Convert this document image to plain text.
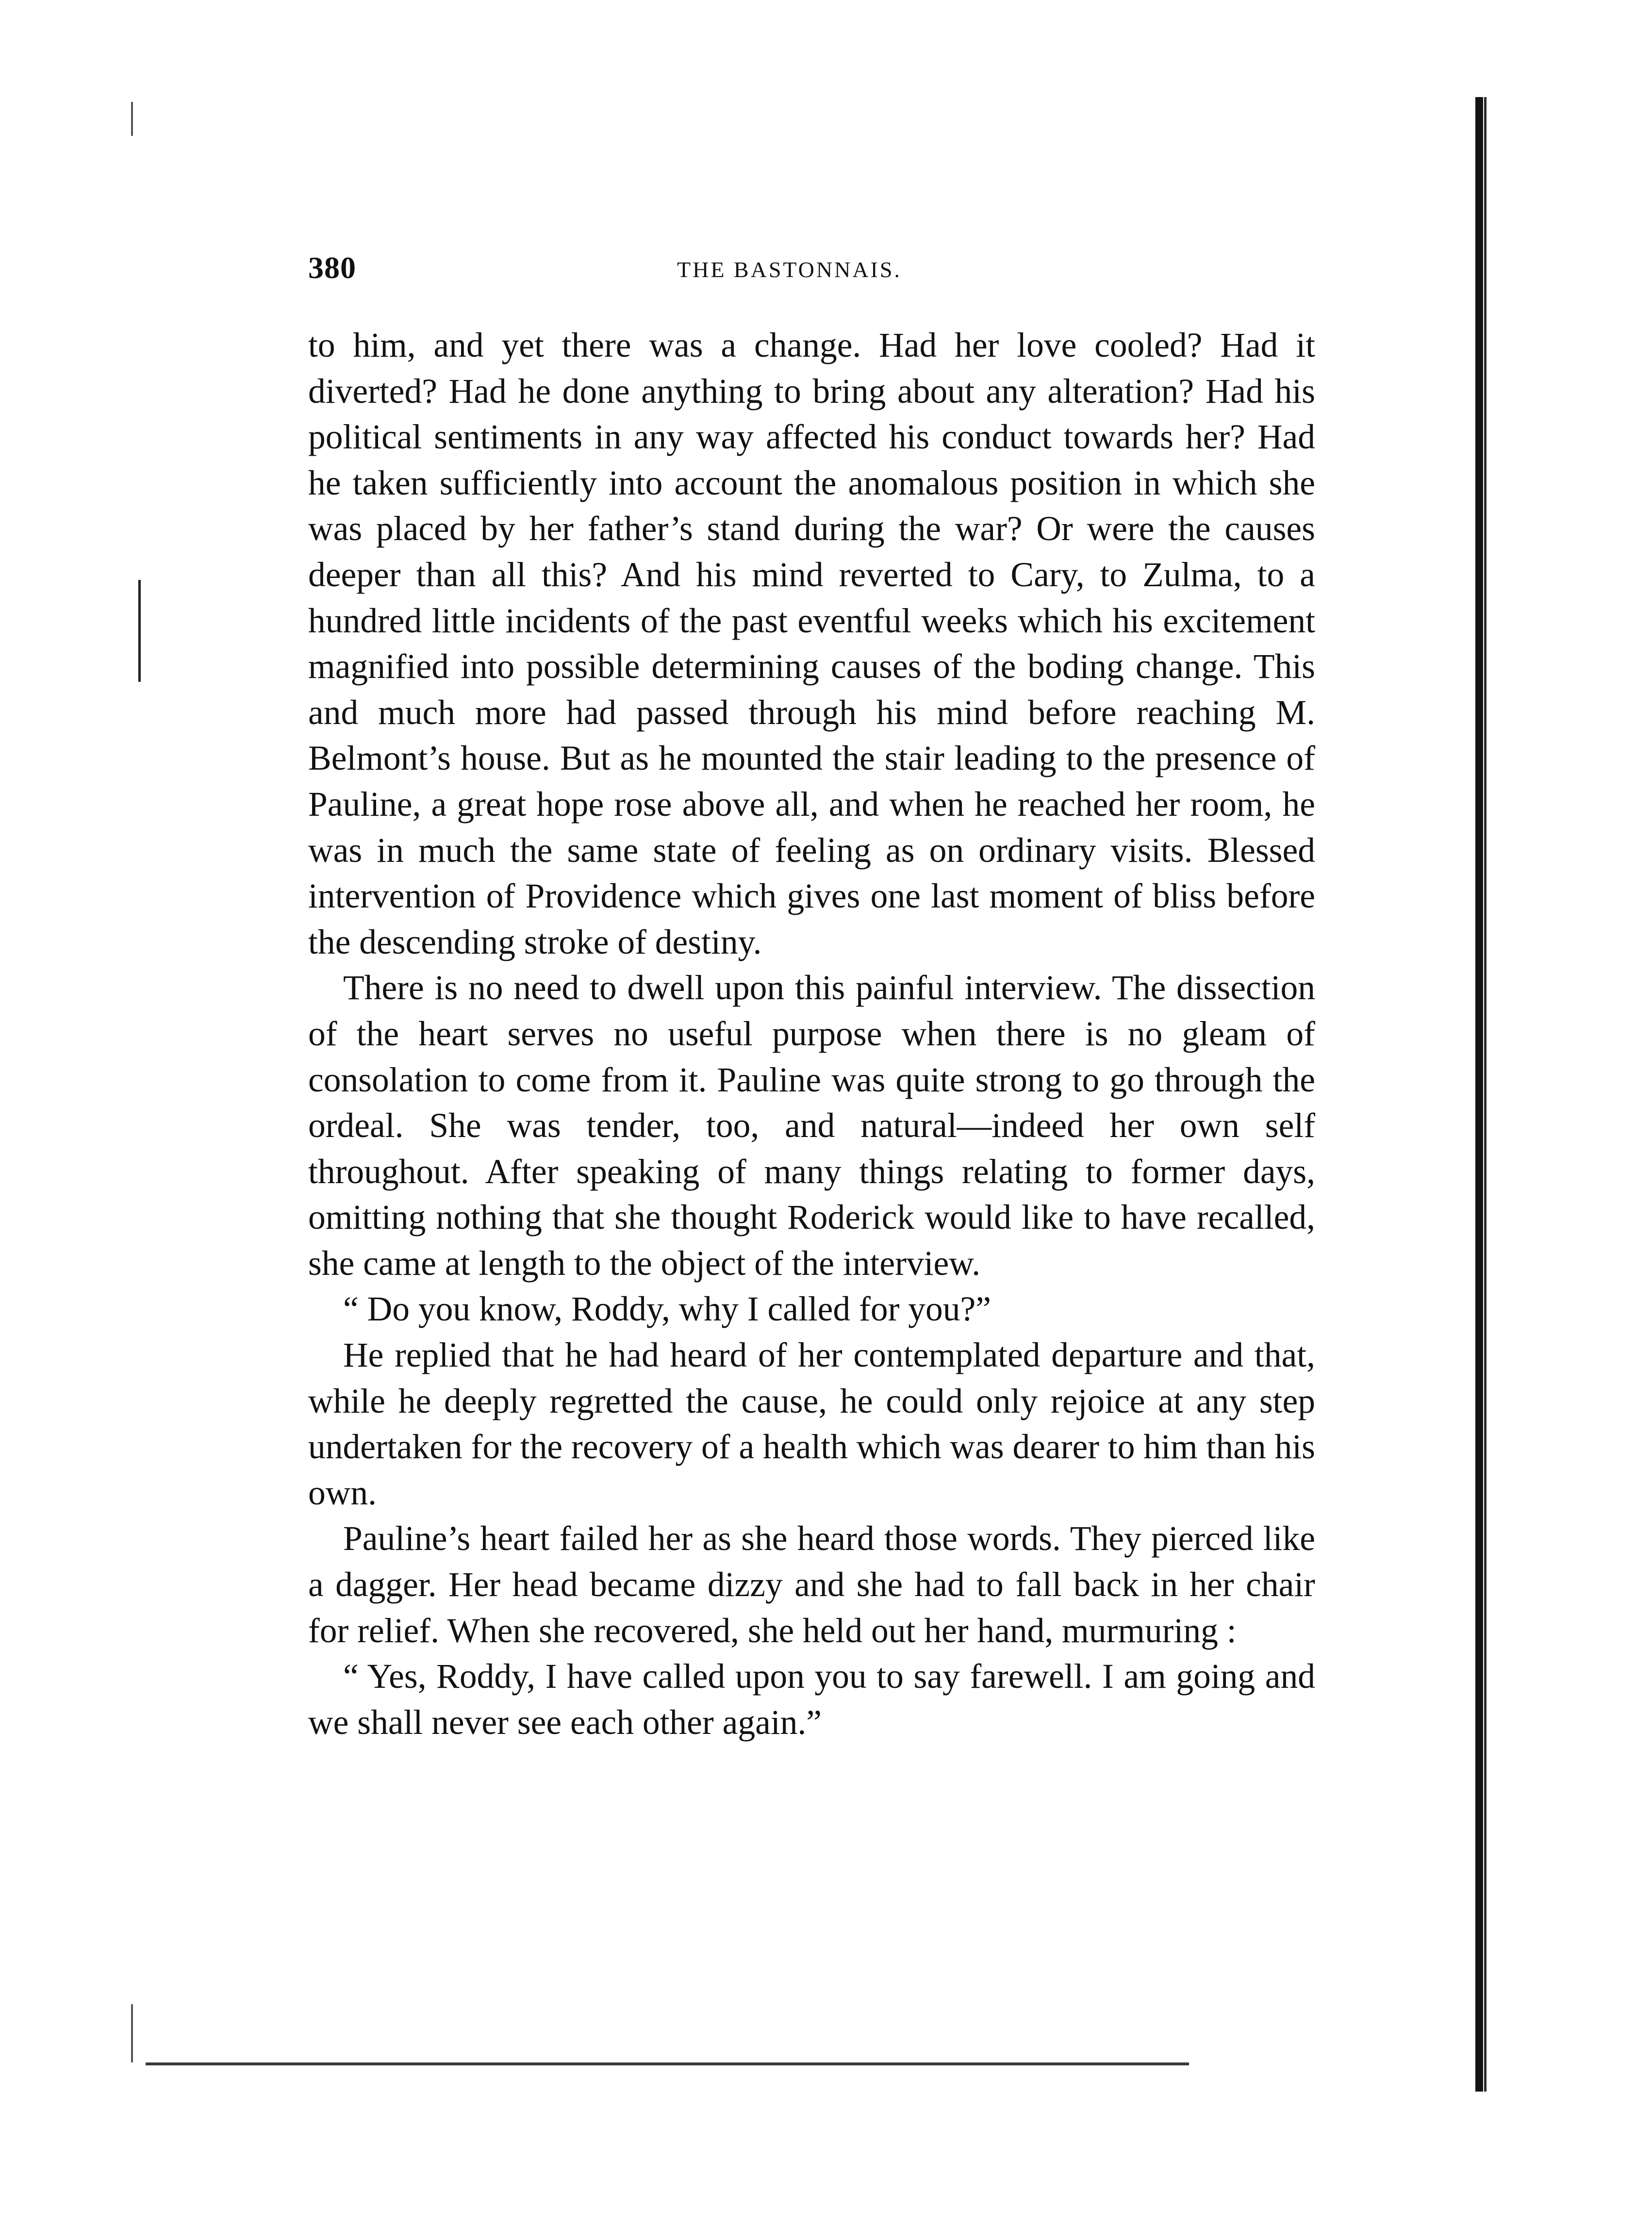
380	THE BASTONNAIS.

to him, and yet there was a change. Had her love cooled? Had it diverted? Had he done anything to bring about any alteration? Had his political sentiments in any way affected his conduct towards her? Had he taken sufficiently into account the anomalous position in which she was placed by her father’s stand during the war? Or were the causes deeper than all this? And his mind reverted to Cary, to Zulma, to a hundred little incidents of the past eventful weeks which his excitement magnified into possible determining causes of the boding change. This and much more had passed through his mind before reaching M. Belmont’s house. But as he mounted the stair leading to the presence of Pauline, a great hope rose above all, and when he reached her room, he was in much the same state of feeling as on ordinary visits. Blessed intervention of Providence which gives one last moment of bliss before the descending stroke of destiny.

There is no need to dwell upon this painful interview. The dissection of the heart serves no useful purpose when there is no gleam of consolation to come from it. Pauline was quite strong to go through the ordeal. She was tender, too, and natural—indeed her own self throughout. After speaking of many things relating to former days, omitting nothing that she thought Roderick would like to have recalled, she came at length to the object of the interview.

“ Do you know, Roddy, why I called for you?”

He replied that he had heard of her contemplated departure and that, while he deeply regretted the cause, he could only rejoice at any step undertaken for the recovery of a health which was dearer to him than his own.

Pauline’s heart failed her as she heard those words. They pierced like a dagger. Her head became dizzy and she had to fall back in her chair for relief. When she recovered, she held out her hand, murmuring :

“ Yes, Roddy, I have called upon you to say farewell. I am going and we shall never see each other again.”
